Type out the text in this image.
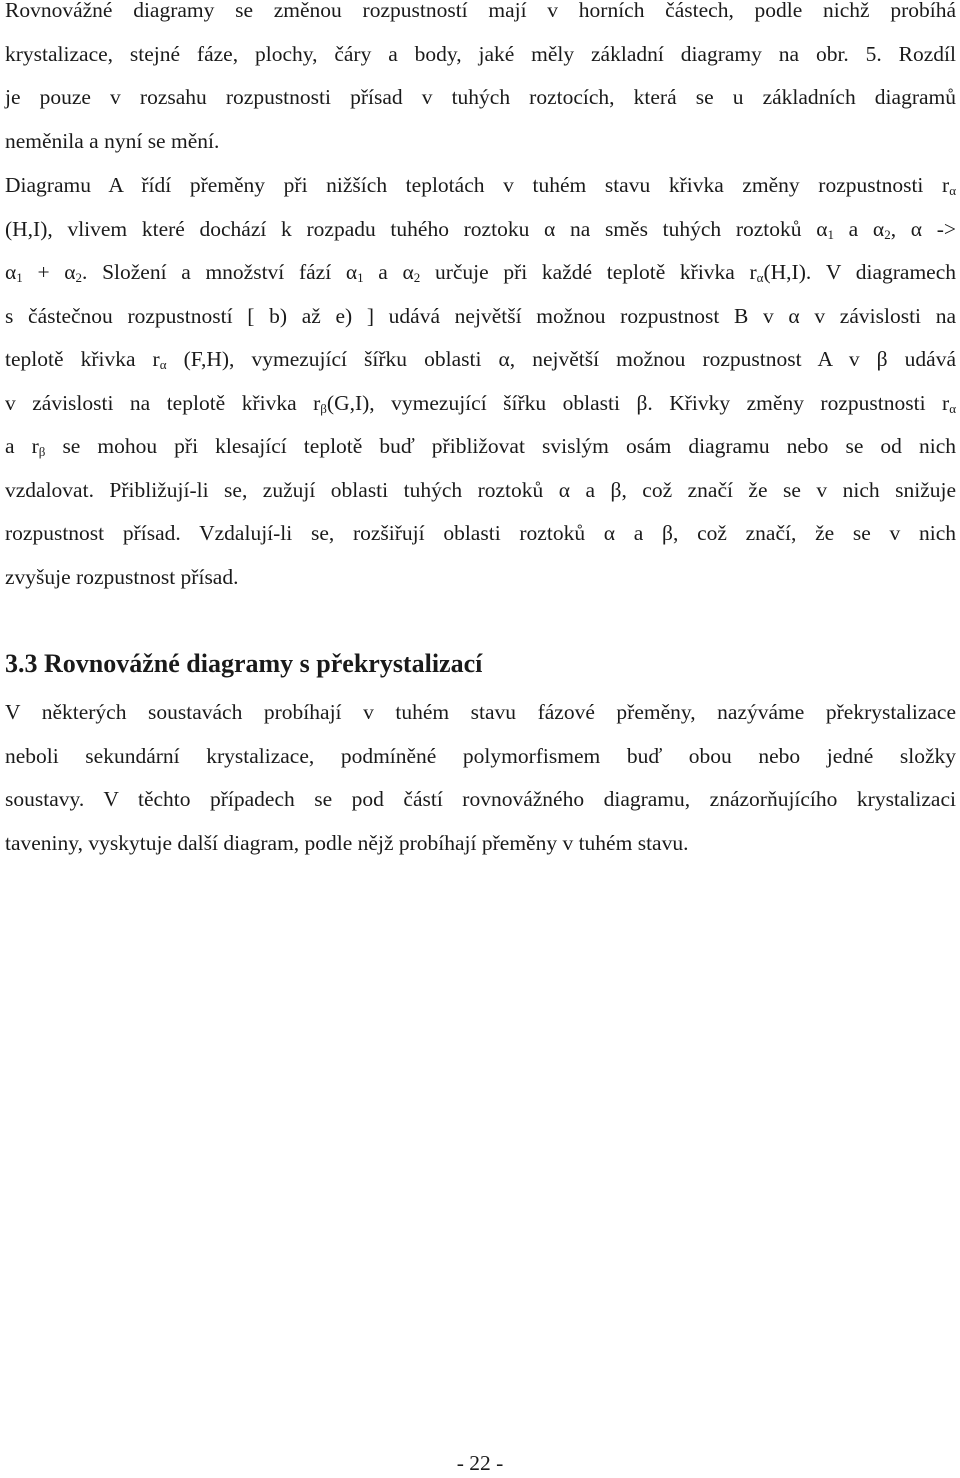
Rovnovážné diagramy se změnou rozpustností mají v horních částech, podle nichž probíhá
krystalizace, stejné fáze, plochy, čáry a body, jaké měly základní diagramy na obr. 5. Rozdíl
je pouze v rozsahu rozpustnosti přísad v tuhých roztocích, která se u základních diagramů
neměnila a nyní se mění.

Diagramu A řídí přeměny při nižších teplotách v tuhém stavu křivka změny rozpustnosti $r_\alpha$
(H,I), vlivem které dochází k rozpadu tuhého roztoku α na směs tuhých roztoků $\alpha_1$ a $\alpha_2$, α ->
$\alpha_1 + \alpha_2$. Složení a množství fází $\alpha_1$ a $\alpha_2$ určuje při každé teplotě křivka $r_\alpha(H,I)$. V diagramech
s částečnou rozpustností [ b) až e) ] udává největší možnou rozpustnost B v α v závislosti na
teplotě křivka $r_\alpha$ (F,H), vymezující šířku oblasti α, největší možnou rozpustnost A v β udává
v závislosti na teplotě křivka $r_\beta(G,I)$, vymezující šířku oblasti β. Křivky změny rozpustnosti $r_\alpha$
a $r_\beta$ se mohou při klesající teplotě buď přibližovat svislým osám diagramu nebo se od nich
vzdalovat. Přibližují-li se, zužují oblasti tuhých roztoků α a β, což značí že se v nich snižuje
rozpustnost přísad. Vzdalují-li se, rozšiřují oblasti roztoků α a β, což značí, že se v nich
zvyšuje rozpustnost přísad.

3.3 Rovnovážné diagramy s překrystalizací

V některých soustavách probíhají v tuhém stavu fázové přeměny, nazýváme překrystalizace
neboli sekundární krystalizace, podmíněné polymorfismem buď obou nebo jedné složky
soustavy. V těchto případech se pod částí rovnovážného diagramu, znázorňujícího krystalizaci
taveniny, vyskytuje další diagram, podle nějž probíhají přeměny v tuhém stavu.

- 22 -
